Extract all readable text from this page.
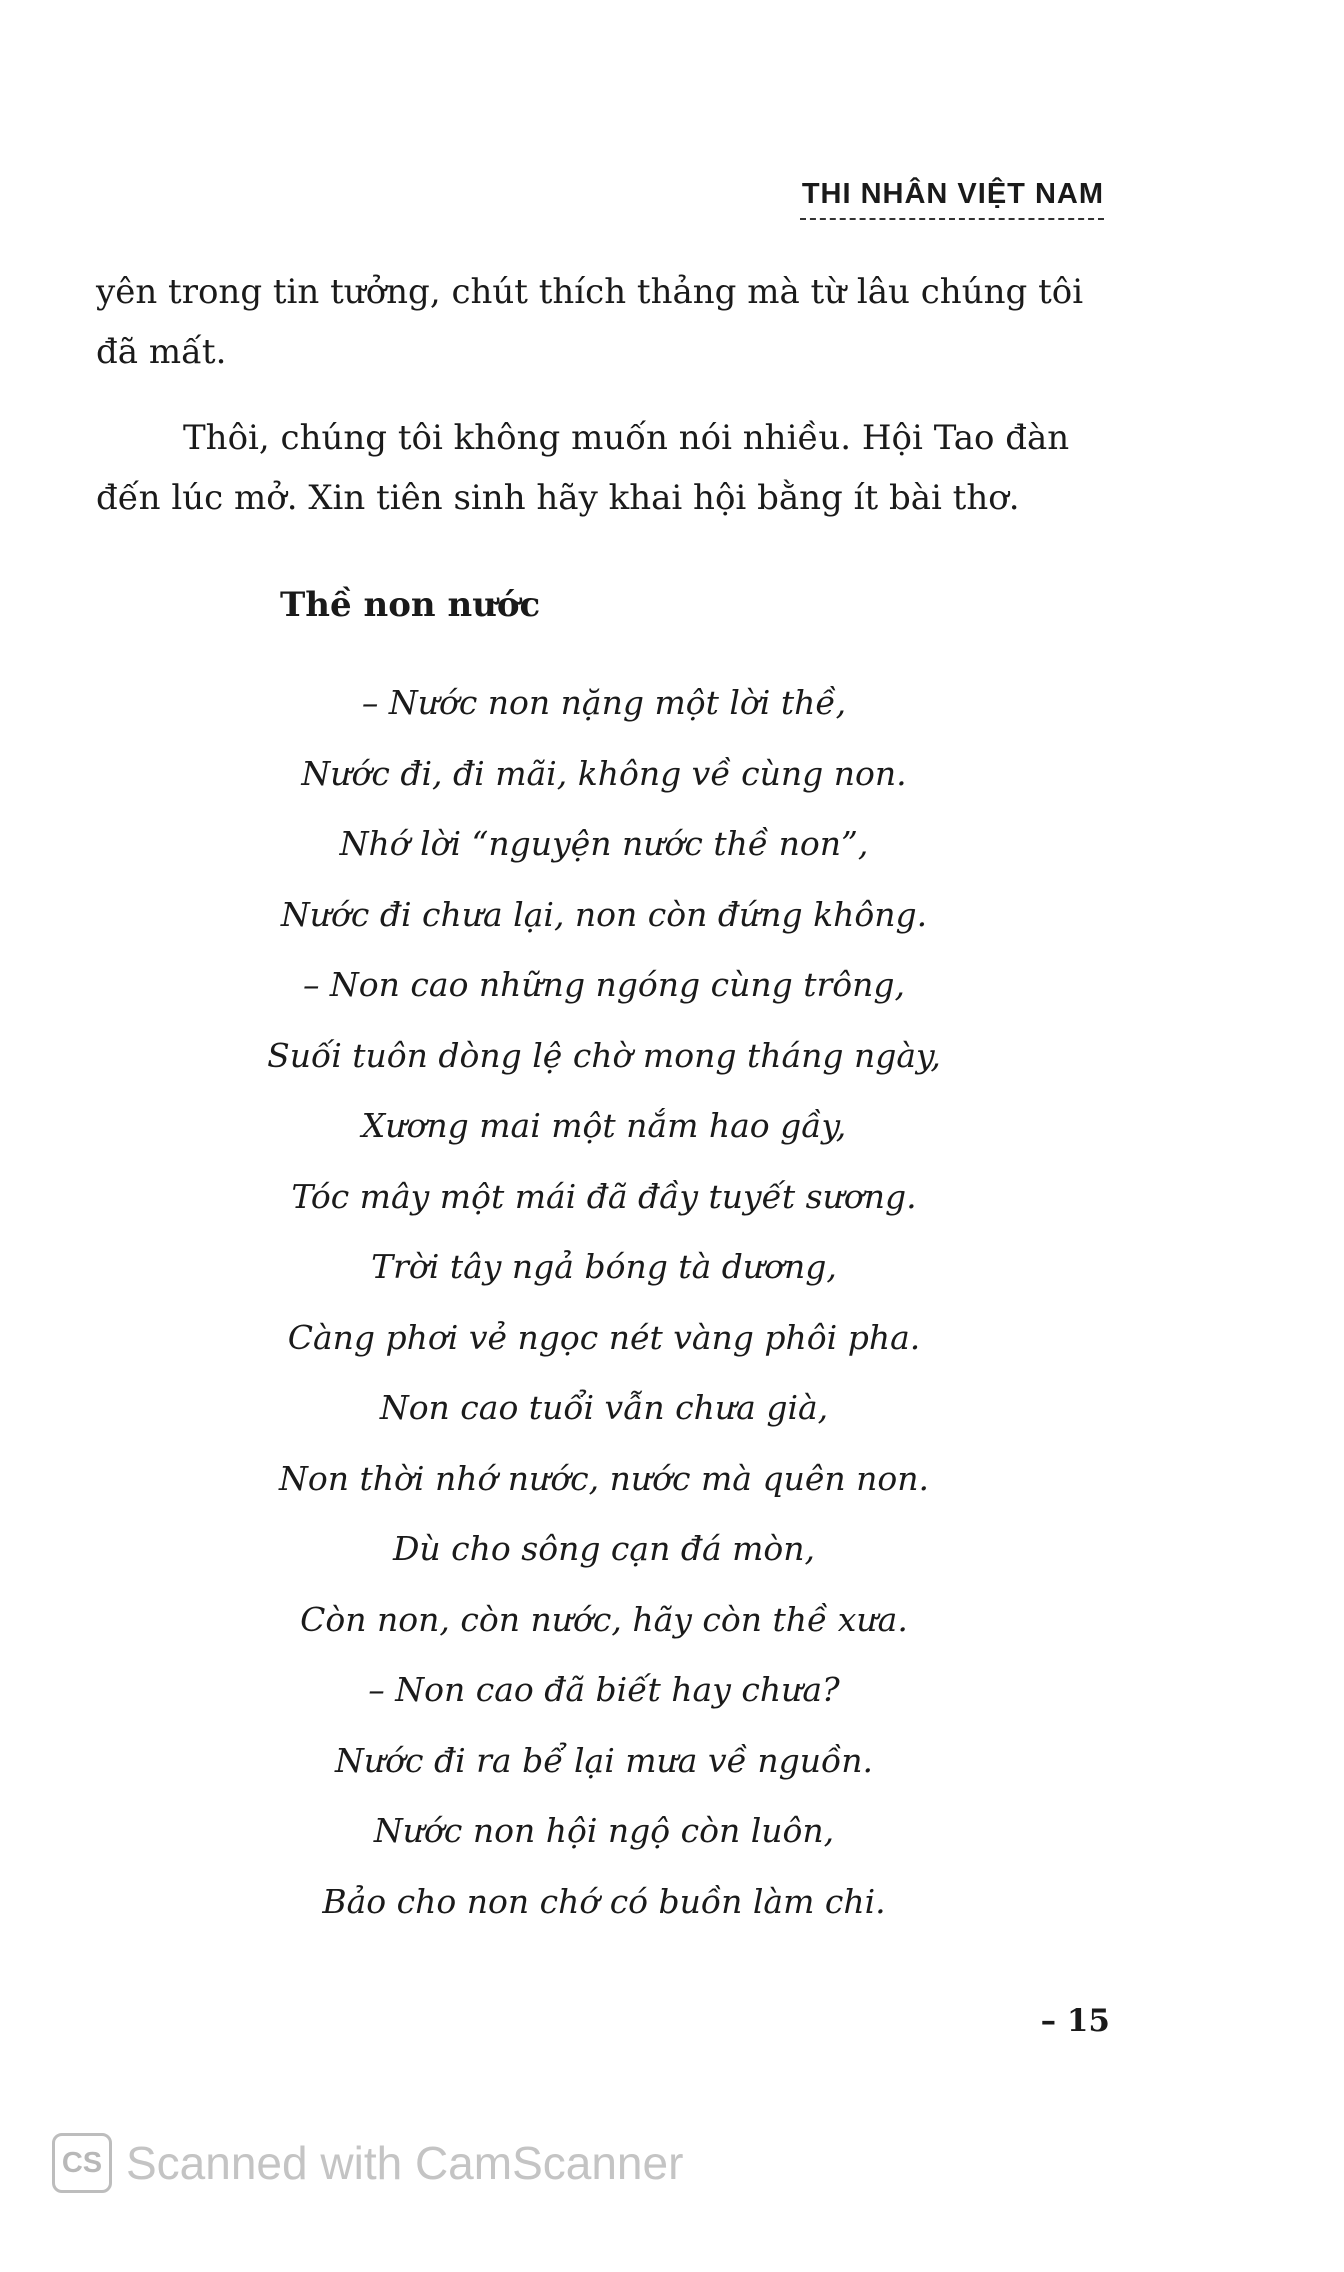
THI NHÂN VIỆT NAM

yên trong tin tưởng, chút thích thảng mà từ lâu chúng tôi đã mất.

Thôi, chúng tôi không muốn nói nhiều. Hội Tao đàn đến lúc mở. Xin tiên sinh hãy khai hội bằng ít bài thơ.

Thề non nước
– Nước non nặng một lời thề,
Nước đi, đi mãi, không về cùng non.
Nhớ lời “nguyện nước thề non”,
Nước đi chưa lại, non còn đứng không.
– Non cao những ngóng cùng trông,
Suối tuôn dòng lệ chờ mong tháng ngày,
Xương mai một nắm hao gầy,
Tóc mây một mái đã đầy tuyết sương.
Trời tây ngả bóng tà dương,
Càng phơi vẻ ngọc nét vàng phôi pha.
Non cao tuổi vẫn chưa già,
Non thời nhớ nước, nước mà quên non.
Dù cho sông cạn đá mòn,
Còn non, còn nước, hãy còn thề xưa.
– Non cao đã biết hay chưa?
Nước đi ra bể lại mưa về nguồn.
Nước non hội ngộ còn luôn,
Bảo cho non chớ có buồn làm chi.
– 15
CS Scanned with CamScanner
